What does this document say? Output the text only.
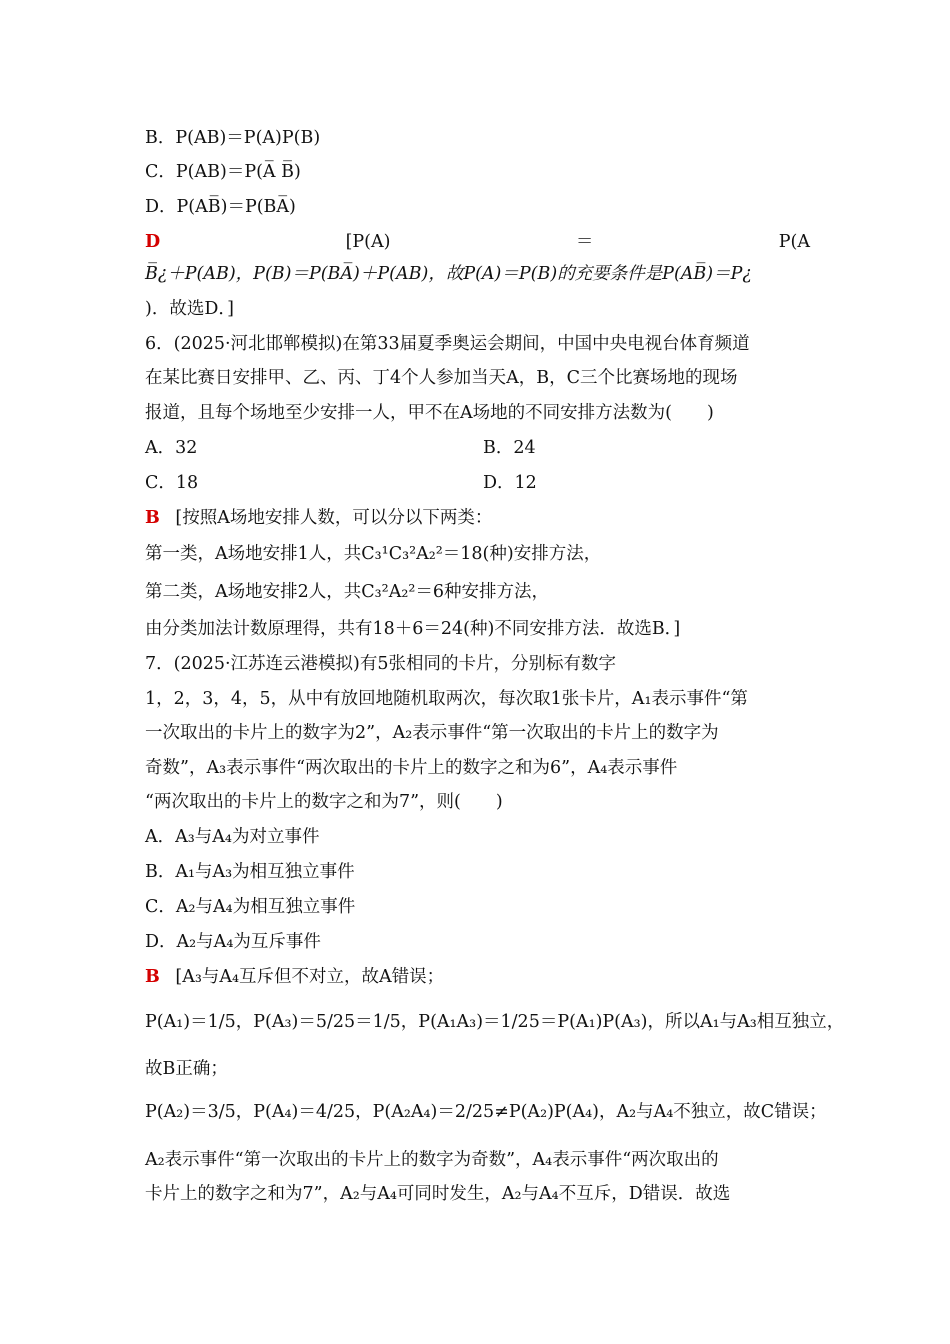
B．P(AB)＝P(A)P(B)
C．P(AB)＝P(A̅ B̅)
D．P(AB̅)＝P(BA̅)
D	[P(A)	＝	P(A
B̅¿＋P(AB)，P(B)＝P(BA̅)＋P(AB)，故P(A)＝P(B)的充要条件是P(AB̅)＝P¿
)．故选D．]
6．(2025·河北邯郸模拟)在第33届夏季奥运会期间，中国中央电视台体育频道
在某比赛日安排甲、乙、丙、丁4个人参加当天A，B，C三个比赛场地的现场
报道，且每个场地至少安排一人，甲不在A场地的不同安排方法数为(　　)
A．32	B．24
C．18	D．12
B [按照A场地安排人数，可以分以下两类：
第一类，A场地安排1人，共C₃¹C₃²A₂²＝18(种)安排方法，
第二类，A场地安排2人，共C₃²A₂²＝6种安排方法，
由分类加法计数原理得，共有18＋6＝24(种)不同安排方法．故选B．]
7．(2025·江苏连云港模拟)有5张相同的卡片，分别标有数字
1，2，3，4，5，从中有放回地随机取两次，每次取1张卡片，A₁表示事件“第
一次取出的卡片上的数字为2”，A₂表示事件“第一次取出的卡片上的数字为
奇数”，A₃表示事件“两次取出的卡片上的数字之和为6”，A₄表示事件
“两次取出的卡片上的数字之和为7”，则(　　)
A．A₃与A₄为对立事件
B．A₁与A₃为相互独立事件
C．A₂与A₄为相互独立事件
D．A₂与A₄为互斥事件
B [A₃与A₄互斥但不对立，故A错误；
P(A₁)＝1/5，P(A₃)＝5/25＝1/5，P(A₁A₃)＝1/25＝P(A₁)P(A₃)，所以A₁与A₃相互独立，
故B正确；
P(A₂)＝3/5，P(A₄)＝4/25，P(A₂A₄)＝2/25≠P(A₂)P(A₄)，A₂与A₄不独立，故C错误；
A₂表示事件“第一次取出的卡片上的数字为奇数”，A₄表示事件“两次取出的
卡片上的数字之和为7”，A₂与A₄可同时发生，A₂与A₄不互斥，D错误．故选
